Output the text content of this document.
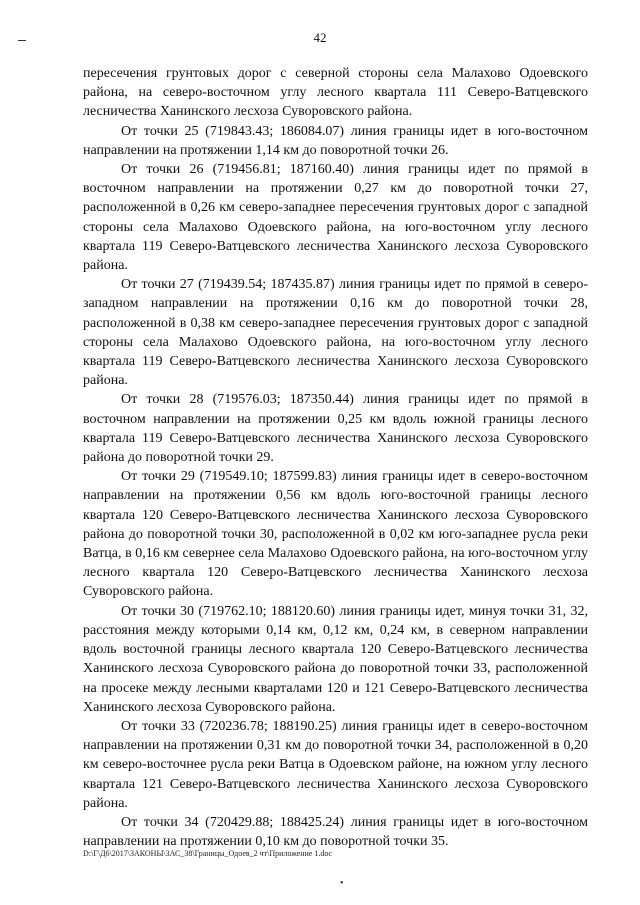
42

пересечения грунтовых дорог с северной стороны села Малахово Одоевского района, на северо-восточном углу лесного квартала 111 Северо-Ватцевского лесничества Ханинского лесхоза Суворовского района.

От точки 25 (719843.43; 186084.07) линия границы идет в юго-восточном направлении на протяжении 1,14 км до поворотной точки 26.

От точки 26 (719456.81; 187160.40) линия границы идет по прямой в восточном направлении на протяжении 0,27 км до поворотной точки 27, расположенной в 0,26 км северо-западнее пересечения грунтовых дорог с западной стороны села Малахово Одоевского района, на юго-восточном углу лесного квартала 119 Северо-Ватцевского лесничества Ханинского лесхоза Суворовского района.

От точки 27 (719439.54; 187435.87) линия границы идет по прямой в северо-западном направлении на протяжении 0,16 км до поворотной точки 28, расположенной в 0,38 км северо-западнее пересечения грунтовых дорог с западной стороны села Малахово Одоевского района, на юго-восточном углу лесного квартала 119 Северо-Ватцевского лесничества Ханинского лесхоза Суворовского района.

От точки 28 (719576.03; 187350.44) линия границы идет по прямой в восточном направлении на протяжении 0,25 км вдоль южной границы лесного квартала 119 Северо-Ватцевского лесничества Ханинского лесхоза Суворовского района до поворотной точки 29.

От точки 29 (719549.10; 187599.83) линия границы идет в северо-восточном направлении на протяжении 0,56 км вдоль юго-восточной границы лесного квартала 120 Северо-Ватцевского лесничества Ханинского лесхоза Суворовского района до поворотной точки 30, расположенной в 0,02 км юго-западнее русла реки Ватца, в 0,16 км севернее села Малахово Одоевского района, на юго-восточном углу лесного квартала 120 Северо-Ватцевского лесничества Ханинского лесхоза Суворовского района.

От точки 30 (719762.10; 188120.60) линия границы идет, минуя точки 31, 32, расстояния между которыми 0,14 км, 0,12 км, 0,24 км, в северном направлении вдоль восточной границы лесного квартала 120 Северо-Ватцевского лесничества Ханинского лесхоза Суворовского района до поворотной точки 33, расположенной на просеке между лесными кварталами 120 и 121 Северо-Ватцевского лесничества Ханинского лесхоза Суворовского района.

От точки 33 (720236.78; 188190.25) линия границы идет в северо-восточном направлении на протяжении 0,31 км до поворотной точки 34, расположенной в 0,20 км северо-восточнее русла реки Ватца в Одоевском районе, на южном углу лесного квартала 121 Северо-Ватцевского лесничества Ханинского лесхоза Суворовского района.

От точки 34 (720429.88; 188425.24) линия границы идет в юго-восточном направлении на протяжении 0,10 км до поворотной точки 35.

D:\Г\Д6\2017\ЗАКОНЫ\ЗАС_38\Границы_Одоев_2 чт\Приложение 1.doc
•
